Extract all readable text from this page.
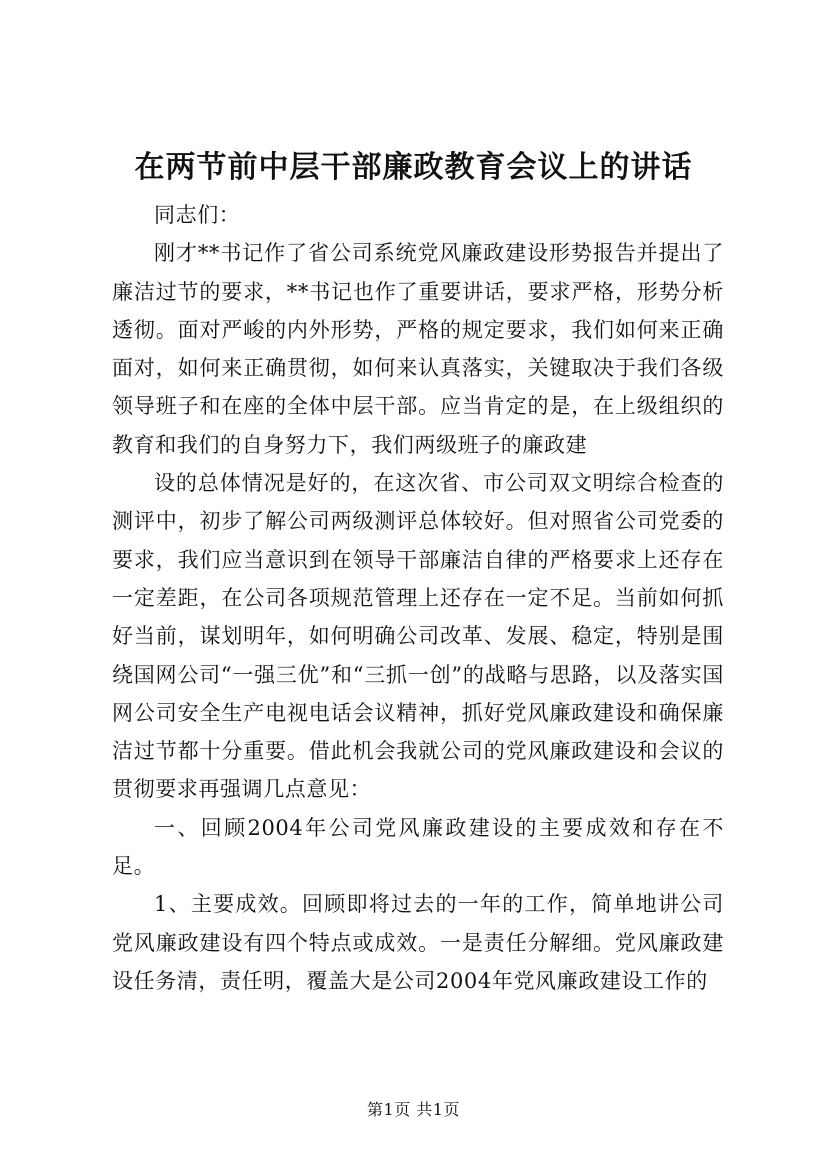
在两节前中层干部廉政教育会议上的讲话

同志们：

刚才**书记作了省公司系统党风廉政建设形势报告并提出了廉洁过节的要求，**书记也作了重要讲话，要求严格，形势分析透彻。面对严峻的内外形势，严格的规定要求，我们如何来正确面对，如何来正确贯彻，如何来认真落实，关键取决于我们各级领导班子和在座的全体中层干部。应当肯定的是，在上级组织的教育和我们的自身努力下，我们两级班子的廉政建

设的总体情况是好的，在这次省、市公司双文明综合检查的测评中，初步了解公司两级测评总体较好。但对照省公司党委的要求，我们应当意识到在领导干部廉洁自律的严格要求上还存在一定差距，在公司各项规范管理上还存在一定不足。当前如何抓好当前，谋划明年，如何明确公司改革、发展、稳定，特别是围绕国网公司“一强三优”和“三抓一创”的战略与思路，以及落实国网公司安全生产电视电话会议精神，抓好党风廉政建设和确保廉洁过节都十分重要。借此机会我就公司的党风廉政建设和会议的贯彻要求再强调几点意见：

一、回顾2004年公司党风廉政建设的主要成效和存在不足。

1、主要成效。回顾即将过去的一年的工作，简单地讲公司党风廉政建设有四个特点或成效。一是责任分解细。党风廉政建设任务清，责任明，覆盖大是公司2004年党风廉政建设工作的

第1页 共1页
